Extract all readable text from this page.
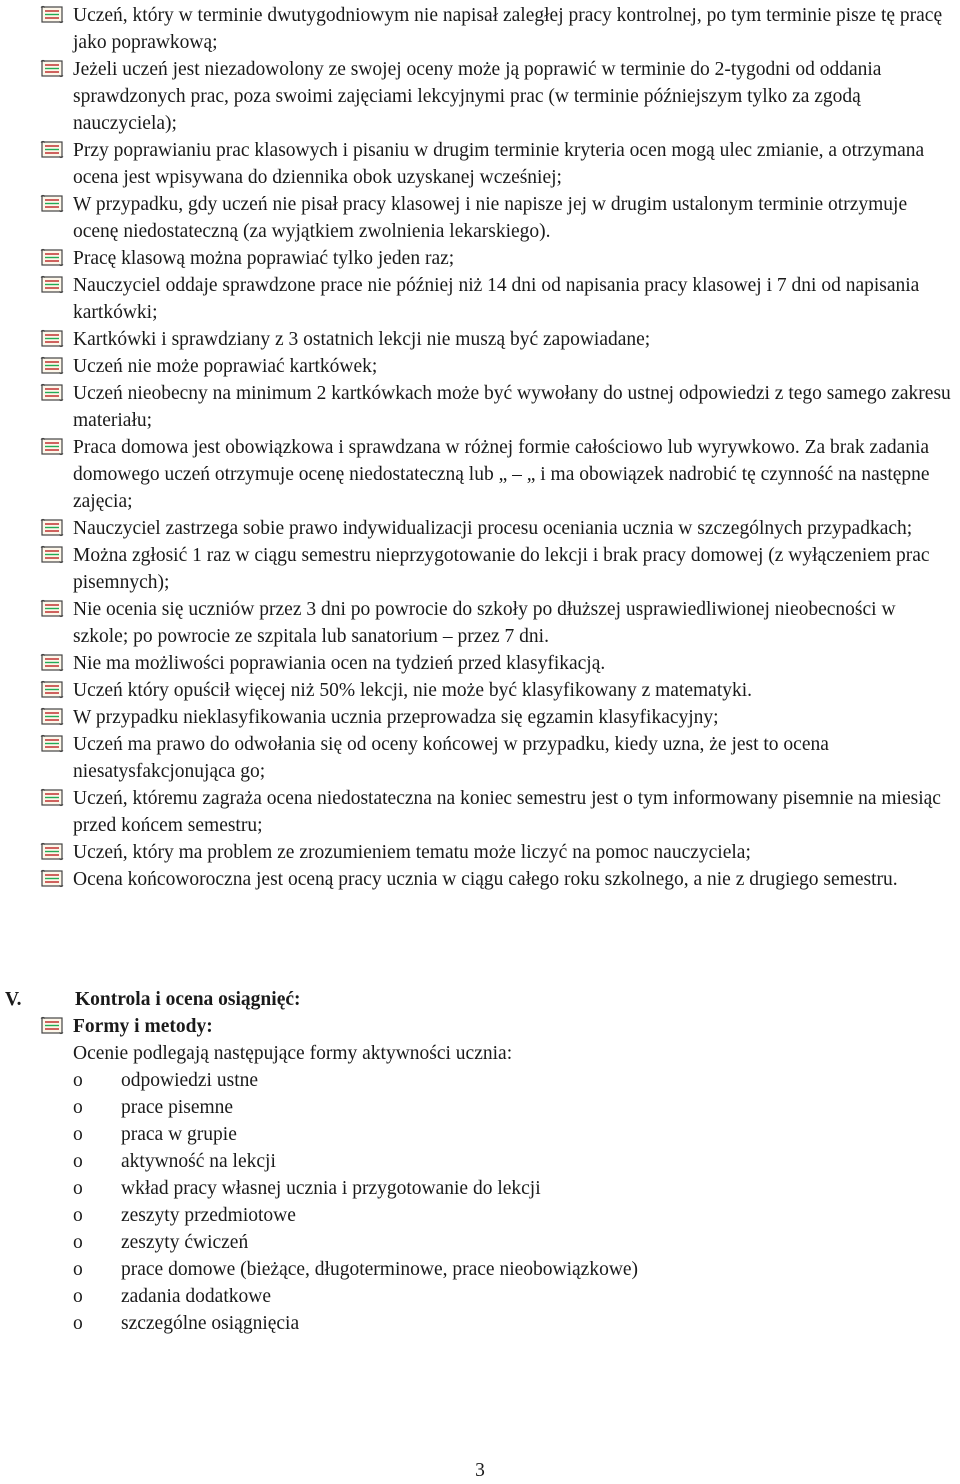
Uczeń, który w terminie dwutygodniowym nie napisał zaległej pracy kontrolnej, po tym terminie pisze tę pracę jako poprawkową;
Jeżeli uczeń jest niezadowolony ze swojej oceny może ją poprawić w terminie do 2-tygodni od oddania sprawdzonych prac, poza swoimi zajęciami lekcyjnymi prac (w terminie późniejszym tylko za zgodą nauczyciela);
Przy poprawianiu prac klasowych i pisaniu w drugim terminie kryteria ocen mogą ulec zmianie, a otrzymana ocena jest wpisywana do dziennika obok uzyskanej wcześniej;
W przypadku, gdy uczeń nie pisał pracy klasowej i nie napisze jej w drugim ustalonym terminie otrzymuje ocenę niedostateczną (za wyjątkiem zwolnienia lekarskiego).
Pracę klasową można poprawiać tylko jeden raz;
Nauczyciel oddaje sprawdzone prace nie później niż 14 dni od napisania pracy klasowej i 7 dni od napisania kartkówki;
Kartkówki i sprawdziany z 3 ostatnich lekcji nie muszą być zapowiadane;
Uczeń nie może poprawiać kartkówek;
Uczeń nieobecny na minimum 2 kartkówkach może być wywołany do ustnej odpowiedzi z tego samego zakresu materiału;
Praca domowa jest obowiązkowa i sprawdzana w różnej formie całościowo lub wyrywkowo. Za brak zadania domowego uczeń otrzymuje ocenę niedostateczną lub „ – „ i ma obowiązek nadrobić tę czynność na następne zajęcia;
Nauczyciel zastrzega sobie prawo indywidualizacji procesu oceniania ucznia w szczególnych przypadkach;
Można zgłosić 1 raz w ciągu semestru nieprzygotowanie do lekcji i brak pracy domowej (z wyłączeniem prac pisemnych);
Nie ocenia się uczniów przez 3 dni po powrocie do szkoły po dłuższej usprawiedliwionej nieobecności w szkole; po powrocie ze szpitala lub sanatorium – przez 7 dni.
Nie ma możliwości poprawiania ocen na tydzień przed klasyfikacją.
Uczeń który opuścił więcej niż 50% lekcji, nie może być klasyfikowany z matematyki.
W przypadku nieklasyfikowania ucznia przeprowadza się egzamin klasyfikacyjny;
Uczeń ma prawo do odwołania się od oceny końcowej w przypadku, kiedy uzna, że jest to ocena niesatysfakcjonująca go;
Uczeń, któremu zagraża ocena niedostateczna na koniec semestru jest o tym informowany pisemnie na miesiąc przed końcem semestru;
Uczeń, który ma problem ze zrozumieniem tematu może liczyć na pomoc nauczyciela;
Ocena końcoworoczna jest oceną pracy ucznia w ciągu całego roku szkolnego, a nie z drugiego semestru.
V.	Kontrola i ocena osiągnięć:
Formy i metody:
Ocenie podlegają następujące formy aktywności ucznia:
o odpowiedzi ustne
o prace pisemne
o praca w grupie
o aktywność na lekcji
o wkład pracy własnej ucznia i przygotowanie do lekcji
o zeszyty przedmiotowe
o zeszyty ćwiczeń
o prace domowe (bieżące, długoterminowe, prace nieobowiązkowe)
o zadania dodatkowe
o szczególne osiągnięcia
3
